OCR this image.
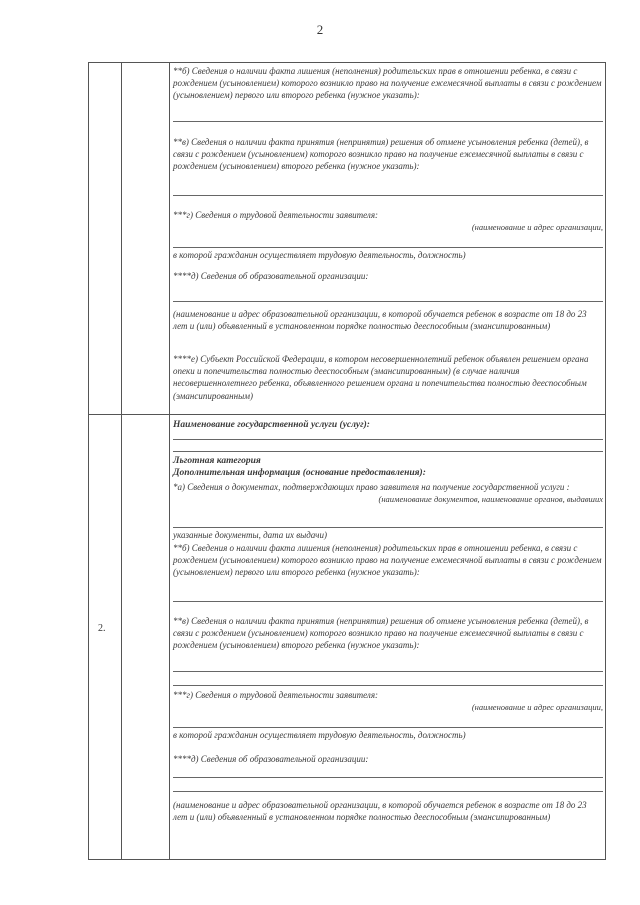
2

**б) Сведения о наличии факта лишения (неполнения) родительских прав в отношении ребенка, в связи с рождением (усыновлением) которого возникло право на получение ежемесячной выплаты в связи с рождением (усыновлением) первого или второго ребенка (нужное указать):

**в) Сведения о наличии факта принятия (непринятия) решения об отмене усыновления ребенка (детей), в связи с рождением (усыновлением) которого возникло право на получение ежемесячной выплаты в связи с рождением (усыновлением) второго ребенка (нужное указать):

***г) Сведения о трудовой деятельности заявителя:

(наименование и адрес организации,

в которой гражданин осуществляет трудовую деятельность, должность)

****д) Сведения об образовательной организации:

(наименование и адрес образовательной организации, в которой обучается ребенок в возрасте от 18 до 23 лет и (или) объявленный в установленном порядке полностью дееспособным (эмансипированным)

****е) Субъект Российской Федерации, в котором несовершеннолетний ребенок объявлен решением органа опеки и попечительства полностью дееспособным (эмансипированным) (в случае наличия несовершеннолетнего ребенка, объявленного решением органа и попечительства полностью дееспособным (эмансипированным)

2.

Наименование государственной услуги (услуг):

Льготная категория

Дополнительная информация (основание предоставления):

*а) Сведения о документах, подтверждающих право заявителя на получение государственной услуги :

(наименование документов, наименование органов, выдавших

указанные документы, дата их выдачи)

**б) Сведения о наличии факта лишения (неполнения) родительских прав в отношении ребенка, в связи с рождением (усыновлением) которого возникло право на получение ежемесячной выплаты в связи с рождением (усыновлением) первого или второго ребенка (нужное указать):

**в) Сведения о наличии факта принятия (непринятия) решения об отмене усыновления ребенка (детей), в связи с рождением (усыновлением) которого возникло право на получение ежемесячной выплаты в связи с рождением (усыновлением) второго ребенка (нужное указать):

***г) Сведения о трудовой деятельности заявителя:

(наименование и адрес организации,

в которой гражданин осуществляет трудовую деятельность, должность)

****д) Сведения об образовательной организации:

(наименование и адрес образовательной организации, в которой обучается ребенок в возрасте от 18 до 23 лет и (или) объявленный в установленном порядке полностью дееспособным (эмансипированным)
